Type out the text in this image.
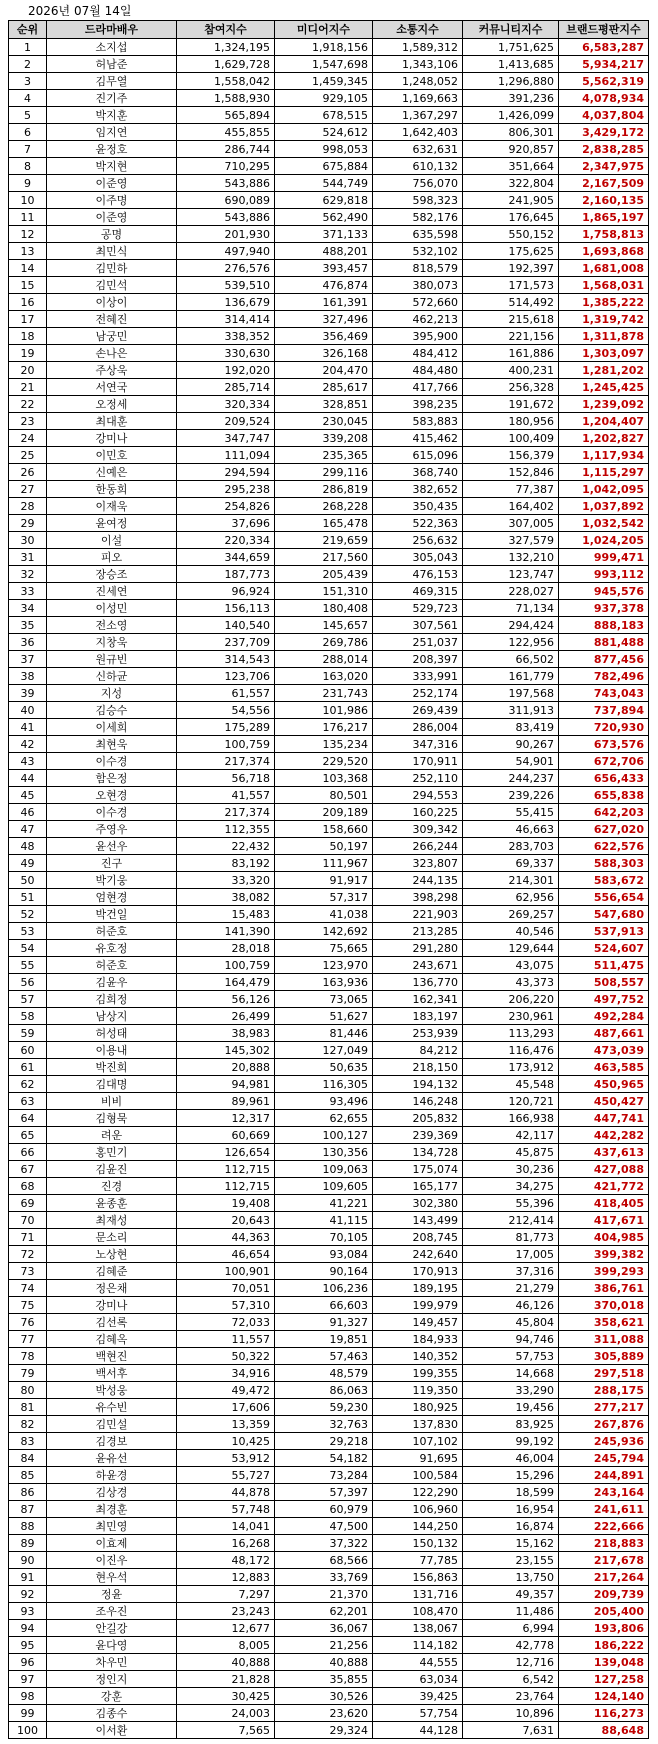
2026년 07월 14일
순위	드라마배우	참여지수	미디어지수	소통지수	커뮤니티지수	브랜드평판지수
1	소지섭	1,324,195	1,918,156	1,589,312	1,751,625	6,583,287
2	허남준	1,629,728	1,547,698	1,343,106	1,413,685	5,934,217
3	김무열	1,558,042	1,459,345	1,248,052	1,296,880	5,562,319
4	진기주	1,588,930	929,105	1,169,663	391,236	4,078,934
5	박지훈	565,894	678,515	1,367,297	1,426,099	4,037,804
6	임지연	455,855	524,612	1,642,403	806,301	3,429,172
7	윤정호	286,744	998,053	632,631	920,857	2,838,285
8	박지현	710,295	675,884	610,132	351,664	2,347,975
9	이준영	543,886	544,749	756,070	322,804	2,167,509
10	이주명	690,089	629,818	598,323	241,905	2,160,135
11	이준영	543,886	562,490	582,176	176,645	1,865,197
12	공명	201,930	371,133	635,598	550,152	1,758,813
13	최민식	497,940	488,201	532,102	175,625	1,693,868
14	김민하	276,576	393,457	818,579	192,397	1,681,008
15	김민석	539,510	476,874	380,073	171,573	1,568,031
16	이상이	136,679	161,391	572,660	514,492	1,385,222
17	전혜진	314,414	327,496	462,213	215,618	1,319,742
18	남궁민	338,352	356,469	395,900	221,156	1,311,878
19	손나은	330,630	326,168	484,412	161,886	1,303,097
20	주상욱	192,020	204,470	484,480	400,231	1,281,202
21	서연국	285,714	285,617	417,766	256,328	1,245,425
22	오정세	320,334	328,851	398,235	191,672	1,239,092
23	최대훈	209,524	230,045	583,883	180,956	1,204,407
24	강미나	347,747	339,208	415,462	100,409	1,202,827
25	이민호	111,094	235,365	615,096	156,379	1,117,934
26	신예은	294,594	299,116	368,740	152,846	1,115,297
27	한동희	295,238	286,819	382,652	77,387	1,042,095
28	이재욱	254,826	268,228	350,435	164,402	1,037,892
29	윤여정	37,696	165,478	522,363	307,005	1,032,542
30	이설	220,334	219,659	256,632	327,579	1,024,205
31	피오	344,659	217,560	305,043	132,210	999,471
32	장승조	187,773	205,439	476,153	123,747	993,112
33	진세연	96,924	151,310	469,315	228,027	945,576
34	이성민	156,113	180,408	529,723	71,134	937,378
35	전소영	140,540	145,657	307,561	294,424	888,183
36	지창욱	237,709	269,786	251,037	122,956	881,488
37	원규빈	314,543	288,014	208,397	66,502	877,456
38	신하균	123,706	163,020	333,991	161,779	782,496
39	지성	61,557	231,743	252,174	197,568	743,043
40	김승수	54,556	101,986	269,439	311,913	737,894
41	이세희	175,289	176,217	286,004	83,419	720,930
42	최현욱	100,759	135,234	347,316	90,267	673,576
43	이수경	217,374	229,520	170,911	54,901	672,706
44	함은정	56,718	103,368	252,110	244,237	656,433
45	오현경	41,557	80,501	294,553	239,226	655,838
46	이수경	217,374	209,189	160,225	55,415	642,203
47	주영우	112,355	158,660	309,342	46,663	627,020
48	윤선우	22,432	50,197	266,244	283,703	622,576
49	진구	83,192	111,967	323,807	69,337	588,303
50	박기웅	33,320	91,917	244,135	214,301	583,672
51	엄현경	38,082	57,317	398,298	62,956	556,654
52	박건일	15,483	41,038	221,903	269,257	547,680
53	허준호	141,390	142,692	213,285	40,546	537,913
54	유호정	28,018	75,665	291,280	129,644	524,607
55	허준호	100,759	123,970	243,671	43,075	511,475
56	김윤우	164,479	163,936	136,770	43,373	508,557
57	김희정	56,126	73,065	162,341	206,220	497,752
58	남상지	26,499	51,627	183,197	230,961	492,284
59	허성태	38,983	81,446	253,939	113,293	487,661
60	이용내	145,302	127,049	84,212	116,476	473,039
61	박진희	20,888	50,635	218,150	173,912	463,585
62	김대명	94,981	116,305	194,132	45,548	450,965
63	비비	89,961	93,496	146,248	120,721	450,427
64	김형묵	12,317	62,655	205,832	166,938	447,741
65	려운	60,669	100,127	239,369	42,117	442,282
66	홍민기	126,654	130,356	134,728	45,875	437,613
67	김윤진	112,715	109,063	175,074	30,236	427,088
68	진경	112,715	109,605	165,177	34,275	421,772
69	윤종훈	19,408	41,221	302,380	55,396	418,405
70	최재성	20,643	41,115	143,499	212,414	417,671
71	문소리	44,363	70,105	208,745	81,773	404,985
72	노상현	46,654	93,084	242,640	17,005	399,382
73	김혜준	100,901	90,164	170,913	37,316	399,293
74	정은채	70,051	106,236	189,195	21,279	386,761
75	강미나	57,310	66,603	199,979	46,126	370,018
76	김선록	72,033	91,327	149,457	45,804	358,621
77	김혜옥	11,557	19,851	184,933	94,746	311,088
78	백현진	50,322	57,463	140,352	57,753	305,889
79	백서후	34,916	48,579	199,355	14,668	297,518
80	박성웅	49,472	86,063	119,350	33,290	288,175
81	유수빈	17,606	59,230	180,925	19,456	277,217
82	김민설	13,359	32,763	137,830	83,925	267,876
83	김경보	10,425	29,218	107,102	99,192	245,936
84	윤유선	53,912	54,182	91,695	46,004	245,794
85	하윤경	55,727	73,284	100,584	15,296	244,891
86	김상경	44,878	57,397	122,290	18,599	243,164
87	최경훈	57,748	60,979	106,960	16,954	241,611
88	최민영	14,041	47,500	144,250	16,874	222,666
89	이효제	16,268	37,322	150,132	15,162	218,883
90	이진우	48,172	68,566	77,785	23,155	217,678
91	현우석	12,883	33,769	156,863	13,750	217,264
92	정윤	7,297	21,370	131,716	49,357	209,739
93	조우진	23,243	62,201	108,470	11,486	205,400
94	안길강	12,677	36,067	138,067	6,994	193,806
95	윤다영	8,005	21,256	114,182	42,778	186,222
96	차우민	40,888	40,888	44,555	12,716	139,048
97	정인지	21,828	35,855	63,034	6,542	127,258
98	강훈	30,425	30,526	39,425	23,764	124,140
99	김종수	24,003	23,620	57,754	10,896	116,273
100	이서환	7,565	29,324	44,128	7,631	88,648
